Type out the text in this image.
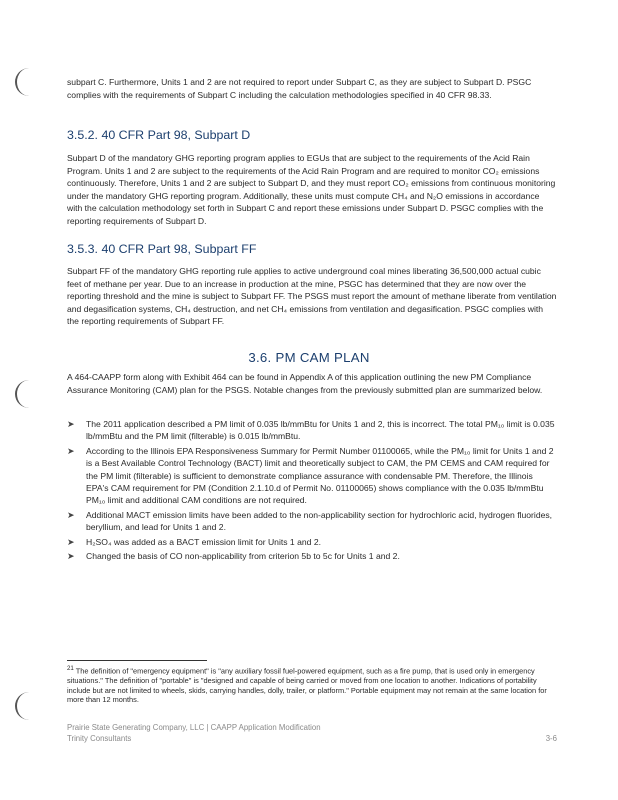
subpart C. Furthermore, Units 1 and 2 are not required to report under Subpart C, as they are subject to Subpart D. PSGC complies with the requirements of Subpart C including the calculation methodologies specified in 40 CFR 98.33.

3.5.2. 40 CFR Part 98, Subpart D

Subpart D of the mandatory GHG reporting program applies to EGUs that are subject to the requirements of the Acid Rain Program. Units 1 and 2 are subject to the requirements of the Acid Rain Program and are required to monitor CO₂ emissions continuously. Therefore, Units 1 and 2 are subject to Subpart D, and they must report CO₂ emissions from continuous monitoring under the mandatory GHG reporting program. Additionally, these units must compute CH₄ and N₂O emissions in accordance with the calculation methodology set forth in Subpart C and report these emissions under Subpart D. PSGC complies with the reporting requirements of Subpart D.

3.5.3. 40 CFR Part 98, Subpart FF

Subpart FF of the mandatory GHG reporting rule applies to active underground coal mines liberating 36,500,000 actual cubic feet of methane per year. Due to an increase in production at the mine, PSGC has determined that they are now over the reporting threshold and the mine is subject to Subpart FF. The PSGS must report the amount of methane liberate from ventilation and degasification systems, CH₄ destruction, and net CH₄ emissions from ventilation and degasification. PSGC complies with the reporting requirements of Subpart FF.

3.6. PM CAM PLAN

A 464-CAAPP form along with Exhibit 464 can be found in Appendix A of this application outlining the new PM Compliance Assurance Monitoring (CAM) plan for the PSGS. Notable changes from the previously submitted plan are summarized below.

➤ The 2011 application described a PM limit of 0.035 lb/mmBtu for Units 1 and 2, this is incorrect. The total PM₁₀ limit is 0.035 lb/mmBtu and the PM limit (filterable) is 0.015 lb/mmBtu.
➤ According to the Illinois EPA Responsiveness Summary for Permit Number 01100065, while the PM₁₀ limit for Units 1 and 2 is a Best Available Control Technology (BACT) limit and theoretically subject to CAM, the PM CEMS and CAM required for the PM limit (filterable) is sufficient to demonstrate compliance assurance with condensable PM. Therefore, the Illinois EPA's CAM requirement for PM (Condition 2.1.10.d of Permit No. 01100065) shows compliance with the 0.035 lb/mmBtu PM₁₀ limit and additional CAM conditions are not required.
➤ Additional MACT emission limits have been added to the non-applicability section for hydrochloric acid, hydrogen fluorides, beryllium, and lead for Units 1 and 2.
➤ H₂SO₄ was added as a BACT emission limit for Units 1 and 2.
➤ Changed the basis of CO non-applicability from criterion 5b to 5c for Units 1 and 2.

$^{21}$ The definition of "emergency equipment" is "any auxiliary fossil fuel-powered equipment, such as a fire pump, that is used only in emergency situations." The definition of "portable" is "designed and capable of being carried or moved from one location to another. Indications of portability include but are not limited to wheels, skids, carrying handles, dolly, trailer, or platform." Portable equipment may not remain at the same location for more than 12 months.

Prairie State Generating Company, LLC | CAAPP Application Modification
Trinity Consultants	3-6
